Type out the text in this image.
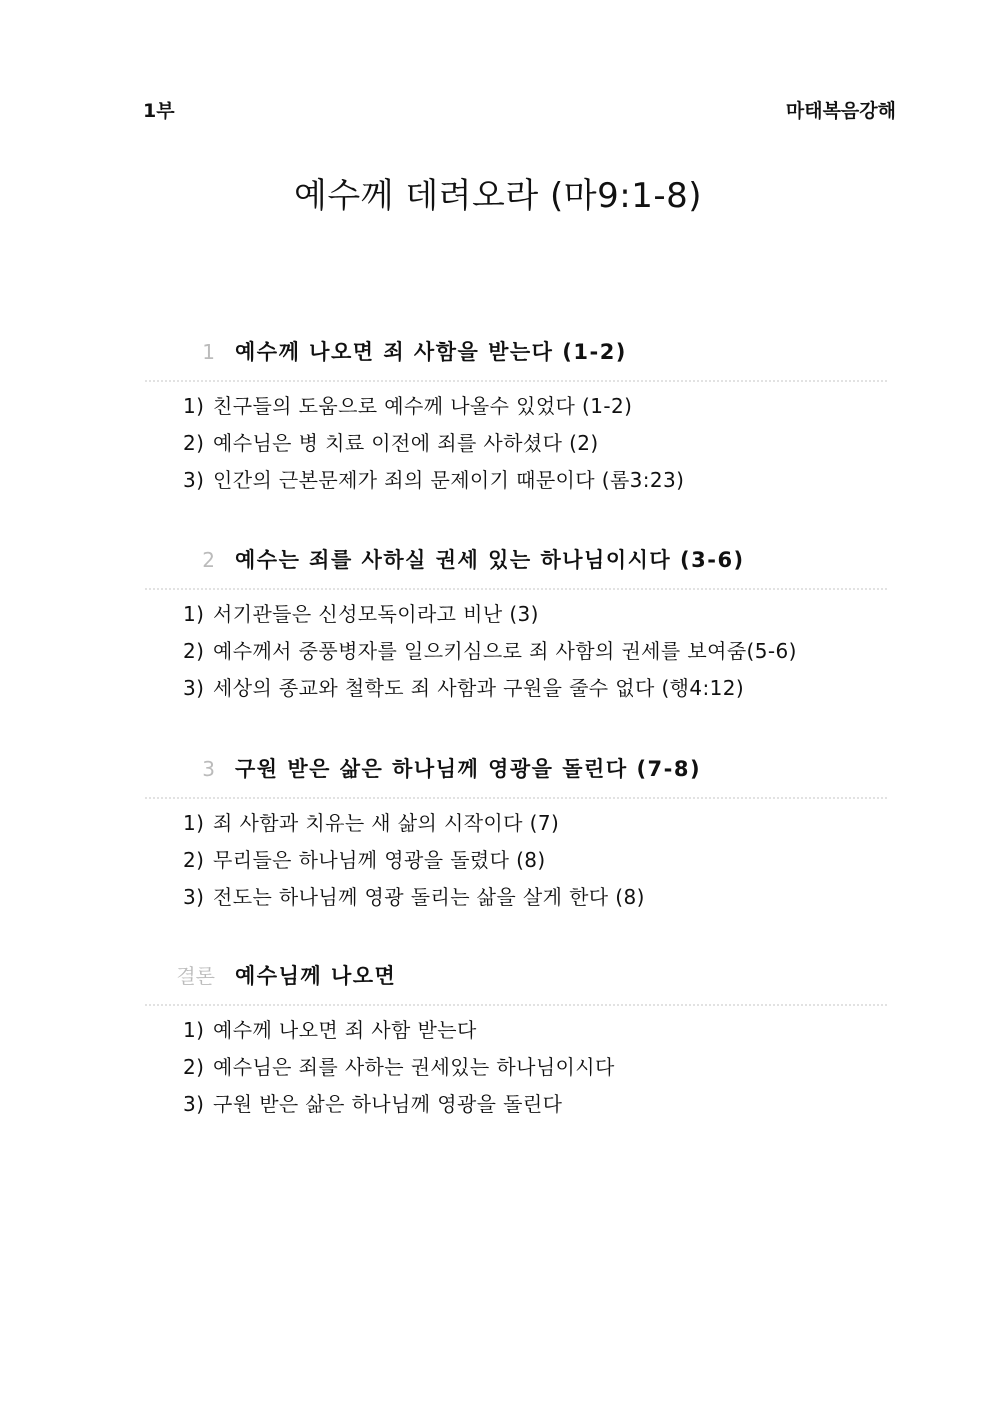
1부	마태복음강해
예수께 데려오라 (마9:1-8)
1 예수께 나오면 죄 사함을 받는다 (1-2)
1) 친구들의 도움으로 예수께 나올수 있었다 (1-2)
2) 예수님은 병 치료 이전에 죄를 사하셨다 (2)
3) 인간의 근본문제가 죄의 문제이기 때문이다 (롬3:23)
2 예수는 죄를 사하실 권세 있는 하나님이시다 (3-6)
1) 서기관들은 신성모독이라고 비난 (3)
2) 예수께서 중풍병자를 일으키심으로 죄 사함의 권세를 보여줌(5-6)
3) 세상의 종교와 철학도 죄 사함과 구원을 줄수 없다 (행4:12)
3 구원 받은 삶은 하나님께 영광을 돌린다 (7-8)
1) 죄 사함과 치유는 새 삶의 시작이다 (7)
2) 무리들은 하나님께 영광을 돌렸다 (8)
3) 전도는 하나님께 영광 돌리는 삶을 살게 한다 (8)
결론 예수님께 나오면
1) 예수께 나오면 죄 사함 받는다
2) 예수님은 죄를 사하는 권세있는 하나님이시다
3) 구원 받은 삶은 하나님께 영광을 돌린다
